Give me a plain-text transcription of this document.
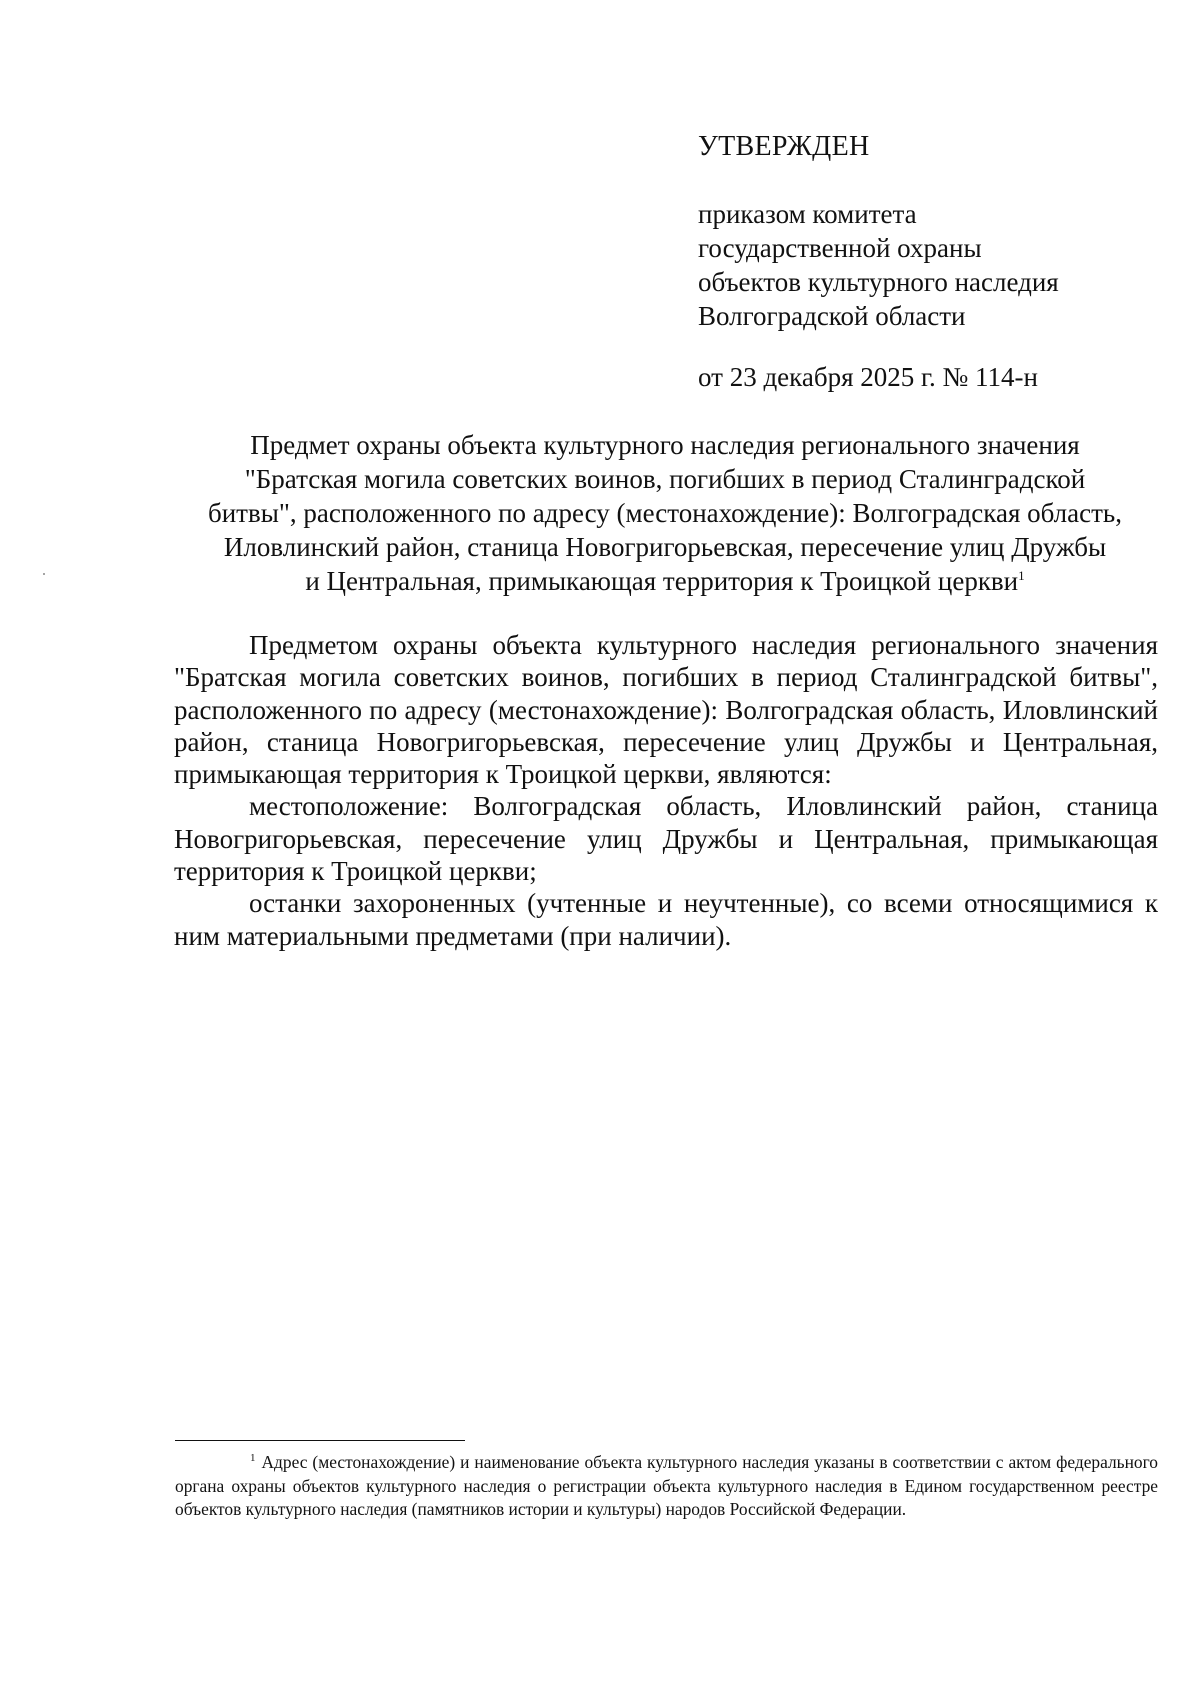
УТВЕРЖДЕН

приказом комитета

государственной охраны

объектов культурного наследия

Волгоградской области

от 23 декабря 2025 г. № 114-н

Предмет охраны объекта культурного наследия регионального значения
"Братская могила советских воинов, погибших в период Сталинградской
битвы", расположенного по адресу (местонахождение): Волгоградская область,
Иловлинский район, станица Новогригорьевская, пересечение улиц Дружбы
и Центральная, примыкающая территория к Троицкой церкви$^1$

Предметом охраны объекта культурного наследия регионального значения "Братская могила советских воинов, погибших в период Сталинградской битвы", расположенного по адресу (местонахождение): Волгоградская область, Иловлинский район, станица Новогригорьевская, пересечение улиц Дружбы и Центральная, примыкающая территория к Троицкой церкви, являются:

местоположение: Волгоградская область, Иловлинский район, станица Новогригорьевская, пересечение улиц Дружбы и Центральная, примыкающая территория к Троицкой церкви;

останки захороненных (учтенные и неучтенные), со всеми относящимися к ним материальными предметами (при наличии).

$^1$ Адрес (местонахождение) и наименование объекта культурного наследия указаны в соответствии с актом федерального органа охраны объектов культурного наследия о регистрации объекта культурного наследия в Едином государственном реестре объектов культурного наследия (памятников истории и культуры) народов Российской Федерации.
